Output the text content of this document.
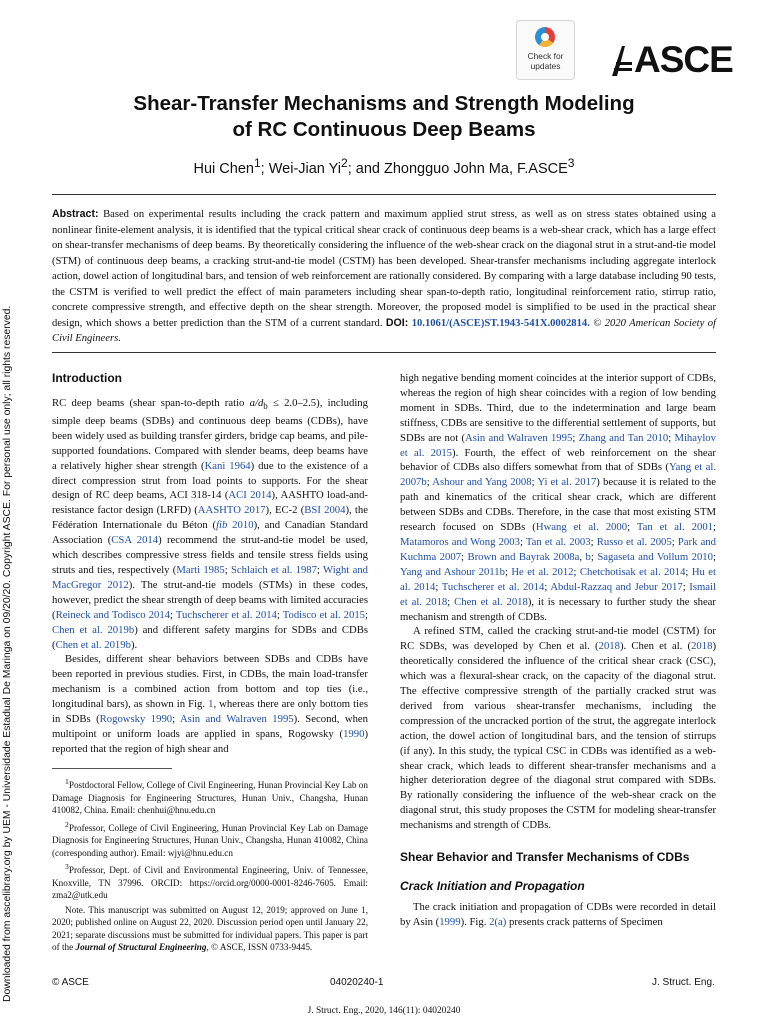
Downloaded from ascelibrary.org by UEM - Universidade Estadual De Maringa on 09/20/20. Copyright ASCE. For personal use only; all rights reserved.
Check for
updates	ASCE
Shear-Transfer Mechanisms and Strength Modeling
of RC Continuous Deep Beams
Hui Chen$^1$; Wei-Jian Yi$^2$; and Zhongguo John Ma, F.ASCE$^3$
Abstract: Based on experimental results including the crack pattern and maximum applied strut stress, as well as on stress states obtained using a nonlinear finite-element analysis, it is identified that the typical critical shear crack of continuous deep beams is a web-shear crack, which has a large effect on shear-transfer mechanisms of deep beams. By theoretically considering the influence of the web-shear crack on the diagonal strut in a strut-and-tie model (STM) of continuous deep beams, a cracking strut-and-tie model (CSTM) has been developed. Shear-transfer mechanisms including aggregate interlock action, dowel action of longitudinal bars, and tension of web reinforcement are rationally considered. By comparing with a large database including 90 tests, the CSTM is verified to well predict the effect of main parameters including shear span-to-depth ratio, longitudinal reinforcement ratio, stirrup ratio, concrete compressive strength, and effective depth on the shear strength. Moreover, the proposed model is simplified to be used in the practical shear design, which shows a better prediction than the STM of a current standard. DOI: 10.1061/(ASCE)ST.1943-541X.0002814. © 2020 American Society of Civil Engineers.
Introduction

RC deep beams (shear span-to-depth ratio $a/d_b \le 2.0-2.5$), including simple deep beams (SDBs) and continuous deep beams (CDBs), have been widely used as building transfer girders, bridge cap beams, and pile-supported foundations. Compared with slender beams, deep beams have a relatively higher shear strength (Kani 1964) due to the existence of a direct compression strut from load points to supports. For the shear design of RC deep beams, ACI 318-14 (ACI 2014), AASHTO load-and-resistance factor design (LRFD) (AASHTO 2017), EC-2 (BSI 2004), the Fédération Internationale du Béton (fib 2010), and Canadian Standard Association (CSA 2014) recommend the strut-and-tie model be used, which describes compressive stress fields and tensile stress fields using struts and ties, respectively (Marti 1985; Schlaich et al. 1987; Wight and MacGregor 2012). The strut-and-tie models (STMs) in these codes, however, predict the shear strength of deep beams with limited accuracies (Reineck and Todisco 2014; Tuchscherer et al. 2014; Todisco et al. 2015; Chen et al. 2019b) and different safety margins for SDBs and CDBs (Chen et al. 2019b).

Besides, different shear behaviors between SDBs and CDBs have been reported in previous studies. First, in CDBs, the main load-transfer mechanism is a combined action from bottom and top ties (i.e., longitudinal bars), as shown in Fig. 1, whereas there are only bottom ties in SDBs (Rogowsky 1990; Asin and Walraven 1995). Second, when multipoint or uniform loads are applied in spans, Rogowsky (1990) reported that the region of high shear and

$^1$Postdoctoral Fellow, College of Civil Engineering, Hunan Provincial Key Lab on Damage Diagnosis for Engineering Structures, Hunan Univ., Changsha, Hunan 410082, China. Email: chenhui@hnu.edu.cn

$^2$Professor, College of Civil Engineering, Hunan Provincial Key Lab on Damage Diagnosis for Engineering Structures, Hunan Univ., Changsha, Hunan 410082, China (corresponding author). Email: wjyi@hnu.edu.cn

$^3$Professor, Dept. of Civil and Environmental Engineering, Univ. of Tennessee, Knoxville, TN 37996. ORCID: https://orcid.org/0000-0001-8246-7605. Email: zma2@utk.edu

Note. This manuscript was submitted on August 12, 2019; approved on June 1, 2020; published online on August 22, 2020. Discussion period open until January 22, 2021; separate discussions must be submitted for individual papers. This paper is part of the Journal of Structural Engineering, © ASCE, ISSN 0733-9445.

high negative bending moment coincides at the interior support of CDBs, whereas the region of high shear coincides with a region of low bending moment in SDBs. Third, due to the indetermination and large beam stiffness, CDBs are sensitive to the differential settlement of supports, but SDBs are not (Asin and Walraven 1995; Zhang and Tan 2010; Mihaylov et al. 2015). Fourth, the effect of web reinforcement on the shear behavior of CDBs also differs somewhat from that of SDBs (Yang et al. 2007b; Ashour and Yang 2008; Yi et al. 2017) because it is related to the path and kinematics of the critical shear crack, which are different between SDBs and CDBs. Therefore, in the case that most existing STM research focused on SDBs (Hwang et al. 2000; Tan et al. 2001; Matamoros and Wong 2003; Tan et al. 2003; Russo et al. 2005; Park and Kuchma 2007; Brown and Bayrak 2008a, b; Sagaseta and Vollum 2010; Yang and Ashour 2011b; He et al. 2012; Chetchotisak et al. 2014; Hu et al. 2014; Tuchscherer et al. 2014; Abdul-Razzaq and Jebur 2017; Ismail et al. 2018; Chen et al. 2018), it is necessary to further study the shear mechanism and strength of CDBs.

A refined STM, called the cracking strut-and-tie model (CSTM) for RC SDBs, was developed by Chen et al. (2018). Chen et al. (2018) theoretically considered the influence of the critical shear crack (CSC), which was a flexural-shear crack, on the capacity of the diagonal strut. The effective compressive strength of the partially cracked strut was derived from various shear-transfer mechanisms, including the compression of the uncracked portion of the strut, the aggregate interlock action, the dowel action of longitudinal bars, and the tension of stirrups (if any). In this study, the typical CSC in CDBs was identified as a web-shear crack, which leads to different shear-transfer mechanisms and a higher deterioration degree of the diagonal strut compared with SDBs. By rationally considering the influence of the web-shear crack on the diagonal strut, this study proposes the CSTM for modeling shear-transfer mechanisms and strength of CDBs.

Shear Behavior and Transfer Mechanisms of CDBs
Crack Initiation and Propagation

The crack initiation and propagation of CDBs were recorded in detail by Asin (1999). Fig. 2(a) presents crack patterns of Specimen

© ASCE	04020240-1	J. Struct. Eng.
J. Struct. Eng., 2020, 146(11): 04020240
